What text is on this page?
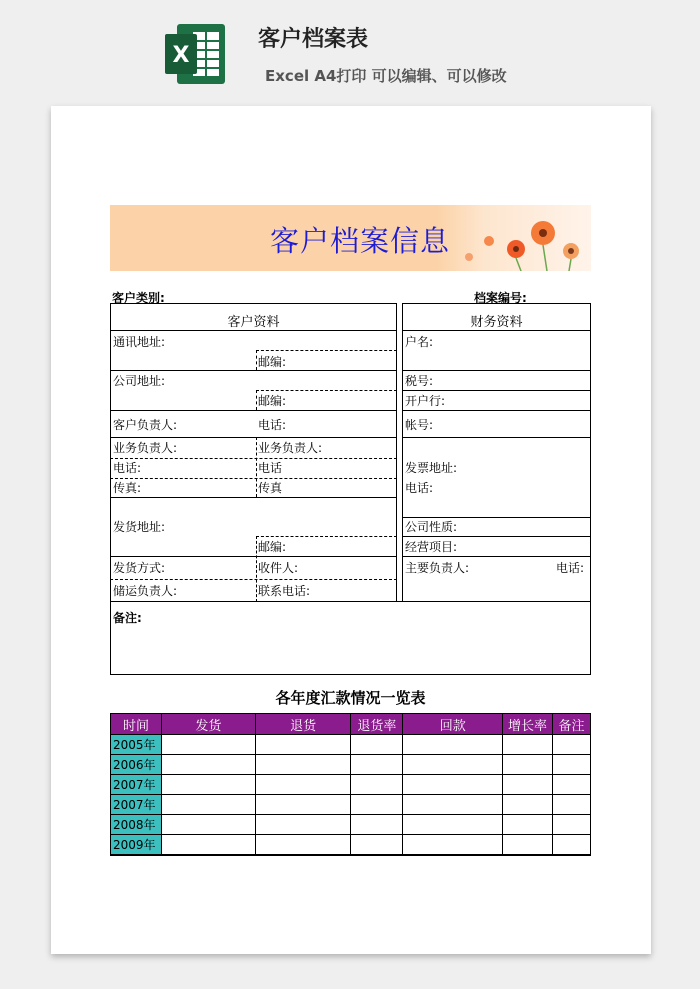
X
客户档案表
Excel A4打印 可以编辑、可以修改
客户档案信息
客户类别:	档案编号:
客户资料
通讯地址:
邮编:
公司地址:
邮编:
客户负责人:	电话:
业务负责人:	业务负责人:
电话:	电话
传真:	传真
发货地址:
邮编:
发货方式:	收件人:
储运负责人:	联系电话:
财务资料
户名:
税号:
开户行:
帐号:
发票地址:
电话:
公司性质:
经营项目:
主要负责人:	电话:
备注:
各年度汇款情况一览表
时间	发货	退货	退货率	回款	增长率	备注
2005年						
2006年						
2007年						
2007年						
2008年						
2009年						
